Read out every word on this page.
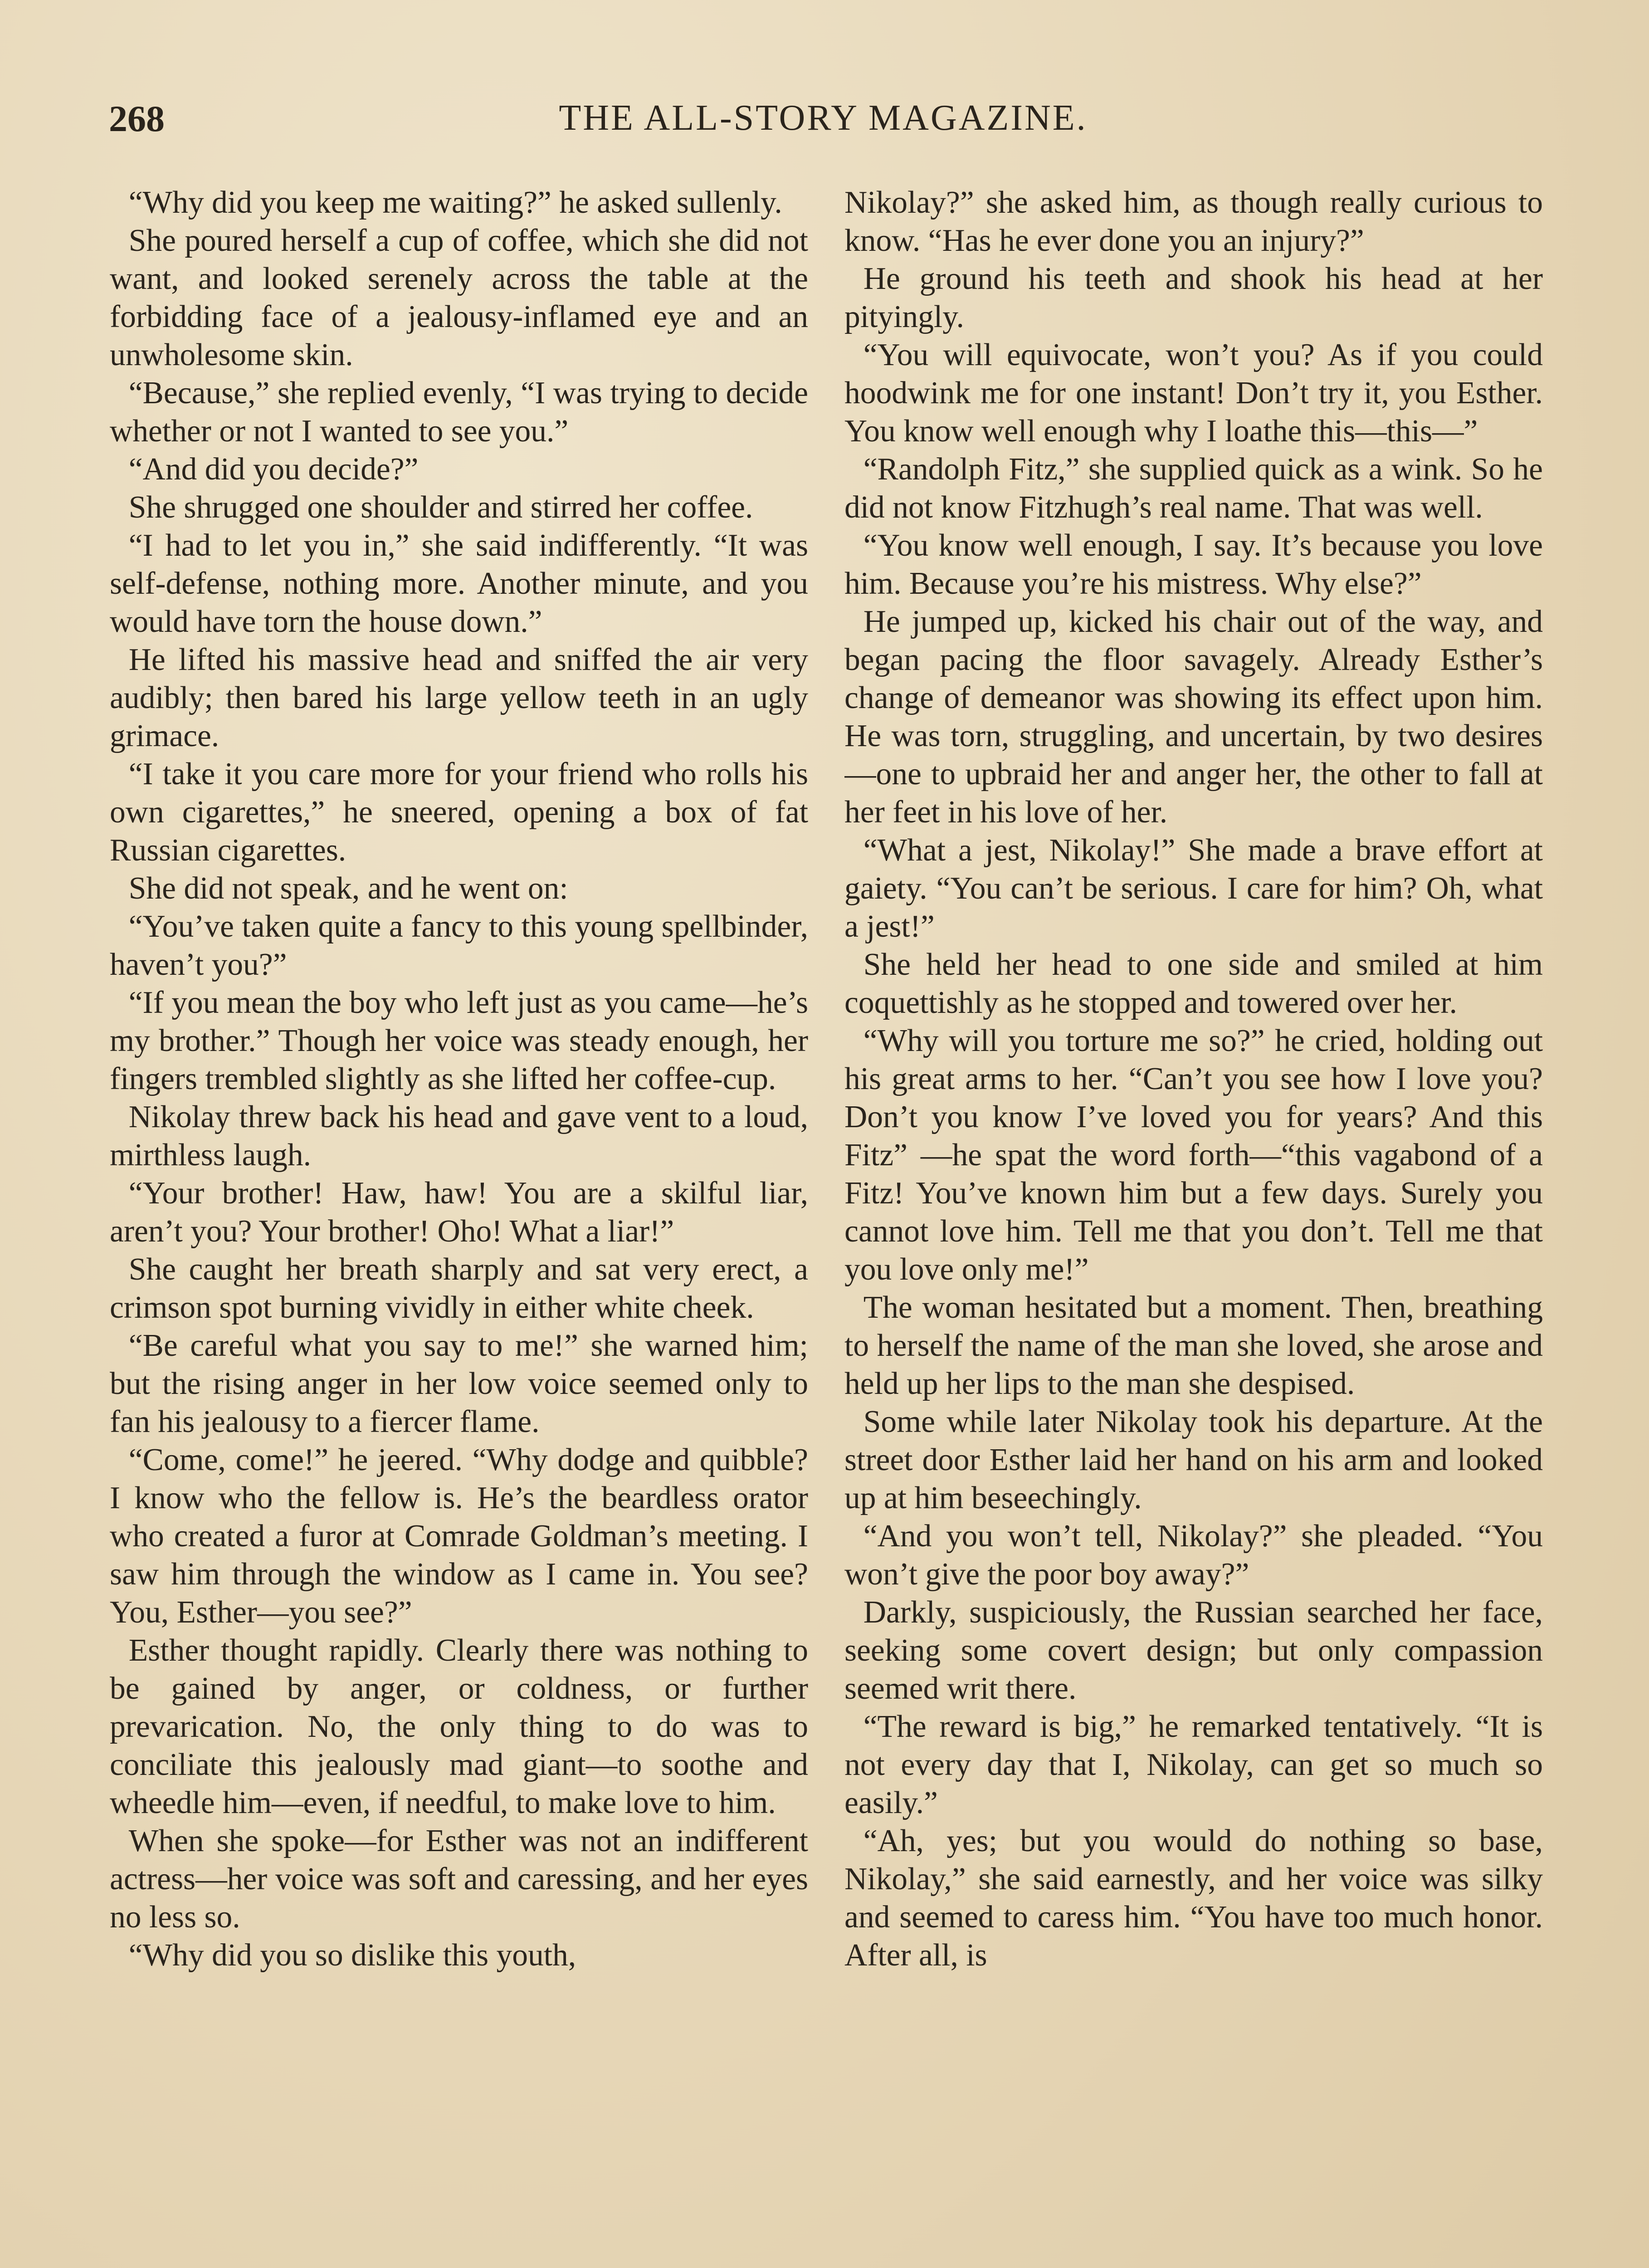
268	THE ALL-STORY MAGAZINE.

“Why did you keep me waiting?” he asked sullenly.

She poured herself a cup of coffee, which she did not want, and looked serenely across the table at the forbidding face of a jealousy-inflamed eye and an unwholesome skin.

“Because,” she replied evenly, “I was trying to decide whether or not I wanted to see you.”

“And did you decide?”

She shrugged one shoulder and stirred her coffee.

“I had to let you in,” she said indifferently. “It was self-defense, nothing more. Another minute, and you would have torn the house down.”

He lifted his massive head and sniffed the air very audibly; then bared his large yellow teeth in an ugly grimace.

“I take it you care more for your friend who rolls his own cigarettes,” he sneered, opening a box of fat Russian cigarettes.

She did not speak, and he went on:

“You’ve taken quite a fancy to this young spellbinder, haven’t you?”

“If you mean the boy who left just as you came—he’s my brother.” Though her voice was steady enough, her fingers trembled slightly as she lifted her coffee-cup.

Nikolay threw back his head and gave vent to a loud, mirthless laugh.

“Your brother! Haw, haw! You are a skilful liar, aren’t you? Your brother! Oho! What a liar!”

She caught her breath sharply and sat very erect, a crimson spot burning vividly in either white cheek.

“Be careful what you say to me!” she warned him; but the rising anger in her low voice seemed only to fan his jealousy to a fiercer flame.

“Come, come!” he jeered. “Why dodge and quibble? I know who the fellow is. He’s the beardless orator who created a furor at Comrade Goldman’s meeting. I saw him through the window as I came in. You see? You, Esther—you see?”

Esther thought rapidly. Clearly there was nothing to be gained by anger, or coldness, or further prevarication. No, the only thing to do was to conciliate this jealously mad giant—to soothe and wheedle him—even, if needful, to make love to him.

When she spoke—for Esther was not an indifferent actress—her voice was soft and caressing, and her eyes no less so.

“Why did you so dislike this youth,

Nikolay?” she asked him, as though really curious to know. “Has he ever done you an injury?”

He ground his teeth and shook his head at her pityingly.

“You will equivocate, won’t you? As if you could hoodwink me for one instant! Don’t try it, you Esther. You know well enough why I loathe this—this—”

“Randolph Fitz,” she supplied quick as a wink. So he did not know Fitzhugh’s real name. That was well.

“You know well enough, I say. It’s because you love him. Because you’re his mistress. Why else?”

He jumped up, kicked his chair out of the way, and began pacing the floor savagely. Already Esther’s change of demeanor was showing its effect upon him. He was torn, struggling, and uncertain, by two desires—one to upbraid her and anger her, the other to fall at her feet in his love of her.

“What a jest, Nikolay!” She made a brave effort at gaiety. “You can’t be serious. I care for him? Oh, what a jest!”

She held her head to one side and smiled at him coquettishly as he stopped and towered over her.

“Why will you torture me so?” he cried, holding out his great arms to her. “Can’t you see how I love you? Don’t you know I’ve loved you for years? And this Fitz” —he spat the word forth—“this vagabond of a Fitz! You’ve known him but a few days. Surely you cannot love him. Tell me that you don’t. Tell me that you love only me!”

The woman hesitated but a moment. Then, breathing to herself the name of the man she loved, she arose and held up her lips to the man she despised.

Some while later Nikolay took his departure. At the street door Esther laid her hand on his arm and looked up at him beseechingly.

“And you won’t tell, Nikolay?” she pleaded. “You won’t give the poor boy away?”

Darkly, suspiciously, the Russian searched her face, seeking some covert design; but only compassion seemed writ there.

“The reward is big,” he remarked tentatively. “It is not every day that I, Nikolay, can get so much so easily.”

“Ah, yes; but you would do nothing so base, Nikolay,” she said earnestly, and her voice was silky and seemed to caress him. “You have too much honor. After all, is
